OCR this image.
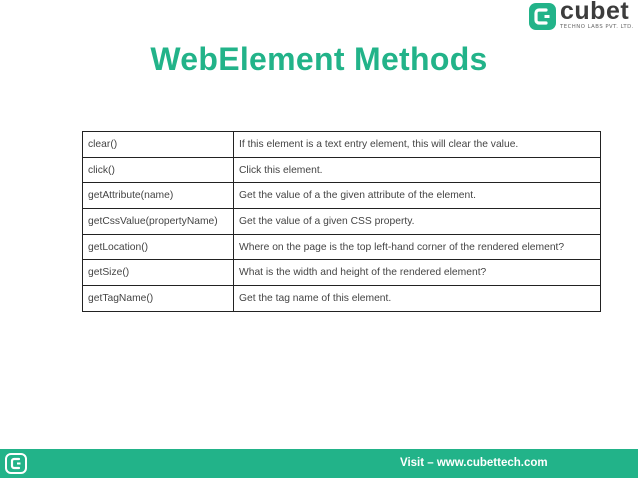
cubet
TECHNO LABS PVT. LTD.
WebElement Methods
clear()	If this element is a text entry element, this will clear the value.
click()	Click this element.
getAttribute(name)	Get the value of a the given attribute of the element.
getCssValue(propertyName)	Get the value of a given CSS property.
getLocation()	Where on the page is the top left-hand corner of the rendered element?
getSize()	What is the width and height of the rendered element?
getTagName()	Get the tag name of this element.
Visit – www.cubettech.com
